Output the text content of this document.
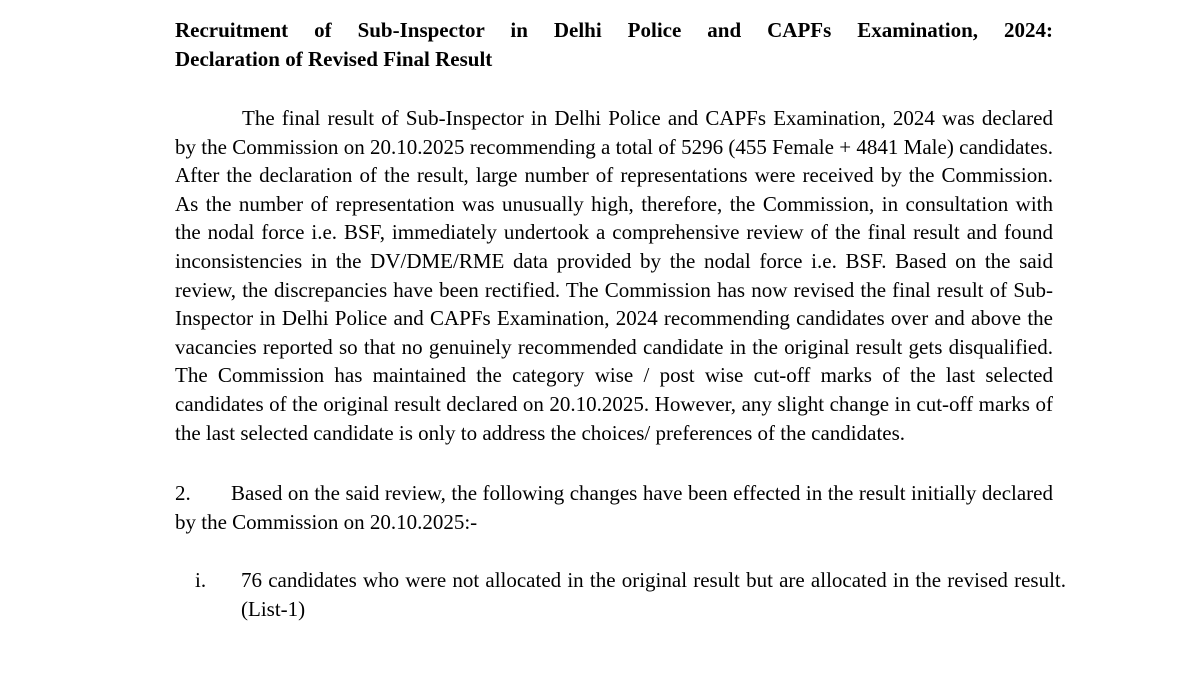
Recruitment of Sub-Inspector in Delhi Police and CAPFs Examination, 2024:
Declaration of Revised Final Result

The final result of Sub-Inspector in Delhi Police and CAPFs Examination, 2024 was declared by the Commission on 20.10.2025 recommending a total of 5296 (455 Female + 4841 Male) candidates. After the declaration of the result, large number of representations were received by the Commission. As the number of representation was unusually high, therefore, the Commission, in consultation with the nodal force i.e. BSF, immediately undertook a comprehensive review of the final result and found inconsistencies in the DV/DME/RME data provided by the nodal force i.e. BSF. Based on the said review, the discrepancies have been rectified. The Commission has now revised the final result of Sub-Inspector in Delhi Police and CAPFs Examination, 2024 recommending candidates over and above the vacancies reported so that no genuinely recommended candidate in the original result gets disqualified. The Commission has maintained the category wise / post wise cut-off marks of the last selected candidates of the original result declared on 20.10.2025. However, any slight change in cut-off marks of the last selected candidate is only to address the choices/ preferences of the candidates.

2. Based on the said review, the following changes have been effected in the result initially declared by the Commission on 20.10.2025:-

i. 76 candidates who were not allocated in the original result but are allocated in the revised result. (List-1)
